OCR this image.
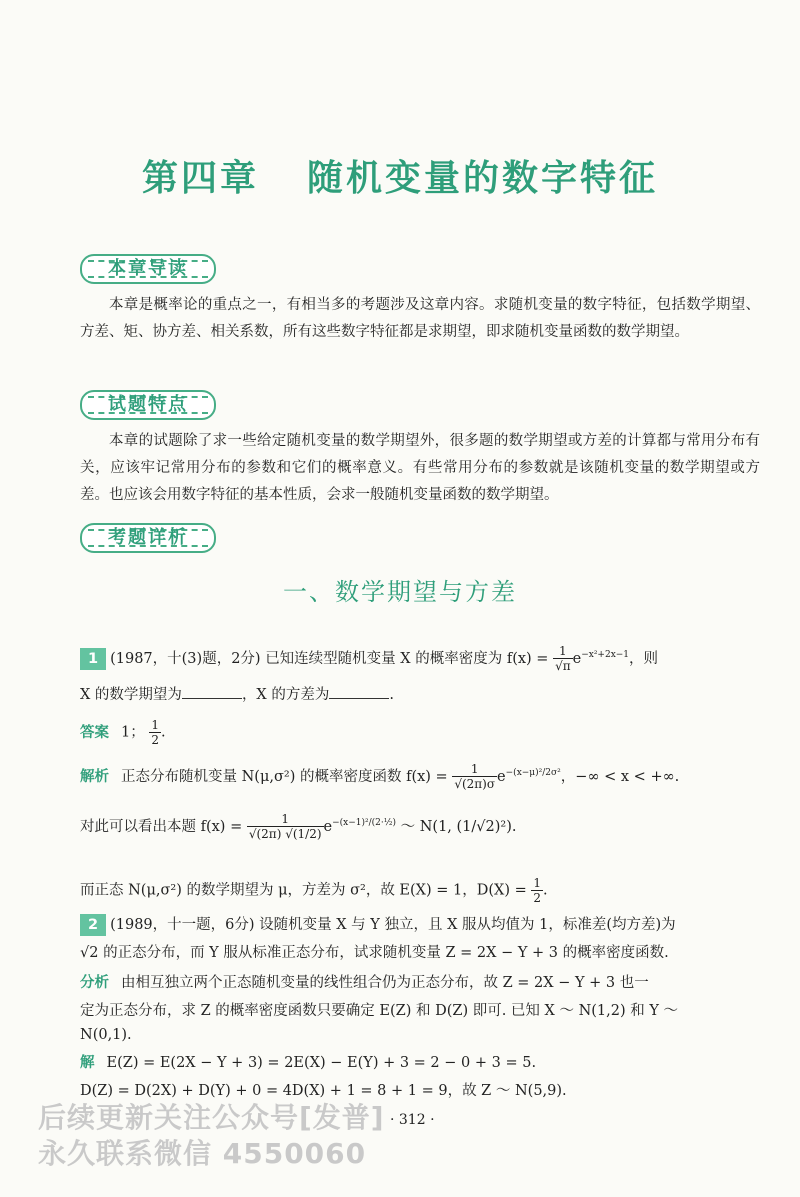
第四章 随机变量的数字特征
本章导读
本章是概率论的重点之一，有相当多的考题涉及这章内容。求随机变量的数字特征，包括数学期望、方差、矩、协方差、相关系数，所有这些数字特征都是求期望，即求随机变量函数的数学期望。
试题特点
本章的试题除了求一些给定随机变量的数学期望外，很多题的数学期望或方差的计算都与常用分布有关，应该牢记常用分布的参数和它们的概率意义。有些常用分布的参数就是该随机变量的数学期望或方差。也应该会用数字特征的基本性质，会求一般随机变量函数的数学期望。
考题详析
一、数学期望与方差
1 (1987，十(3)题，2分) 已知连续型随机变量 X 的概率密度为 $f(x) = \frac{1}{√\pi} e^{-x^2+2x-1}$，则
X 的数学期望为	，X 的方差为	.
答案 1； $\frac{1}{2}$ .
解析 正态分布随机变量 N(μ,σ²) 的概率密度函数 $f(x) = \frac{1}{√(2\pi)\sigma} e^{-(x-\mu)^2/2\sigma^2}$，−∞ < x < +∞.
对此可以看出本题 $f(x) = \frac{1}{√(2\pi) √(1/2)} e^{-(x-1)^2/(2\cdot\frac{1}{2})}$ ～ N(1, (1/√2)²).
而正态 N(μ,σ²) 的数学期望为 μ，方差为 σ²，故 E(X) = 1，$D(X) = \frac{1}{2}$ .
2 (1989，十一题，6分) 设随机变量 X 与 Y 独立，且 X 服从均值为 1，标准差(均方差)为
√2 的正态分布，而 Y 服从标准正态分布，试求随机变量 Z = 2X − Y + 3 的概率密度函数.
分析 由相互独立两个正态随机变量的线性组合仍为正态分布，故 Z = 2X − Y + 3 也一
定为正态分布，求 Z 的概率密度函数只要确定 E(Z) 和 D(Z) 即可. 已知 X ～ N(1,2) 和 Y ～
N(0,1).
解 E(Z) = E(2X − Y + 3) = 2E(X) − E(Y) + 3 = 2 − 0 + 3 = 5.
D(Z) = D(2X) + D(Y) + 0 = 4D(X) + 1 = 8 + 1 = 9，故 Z ～ N(5,9).
· 312 ·
后续更新关注公众号[发普]
永久联系微信 4550060
